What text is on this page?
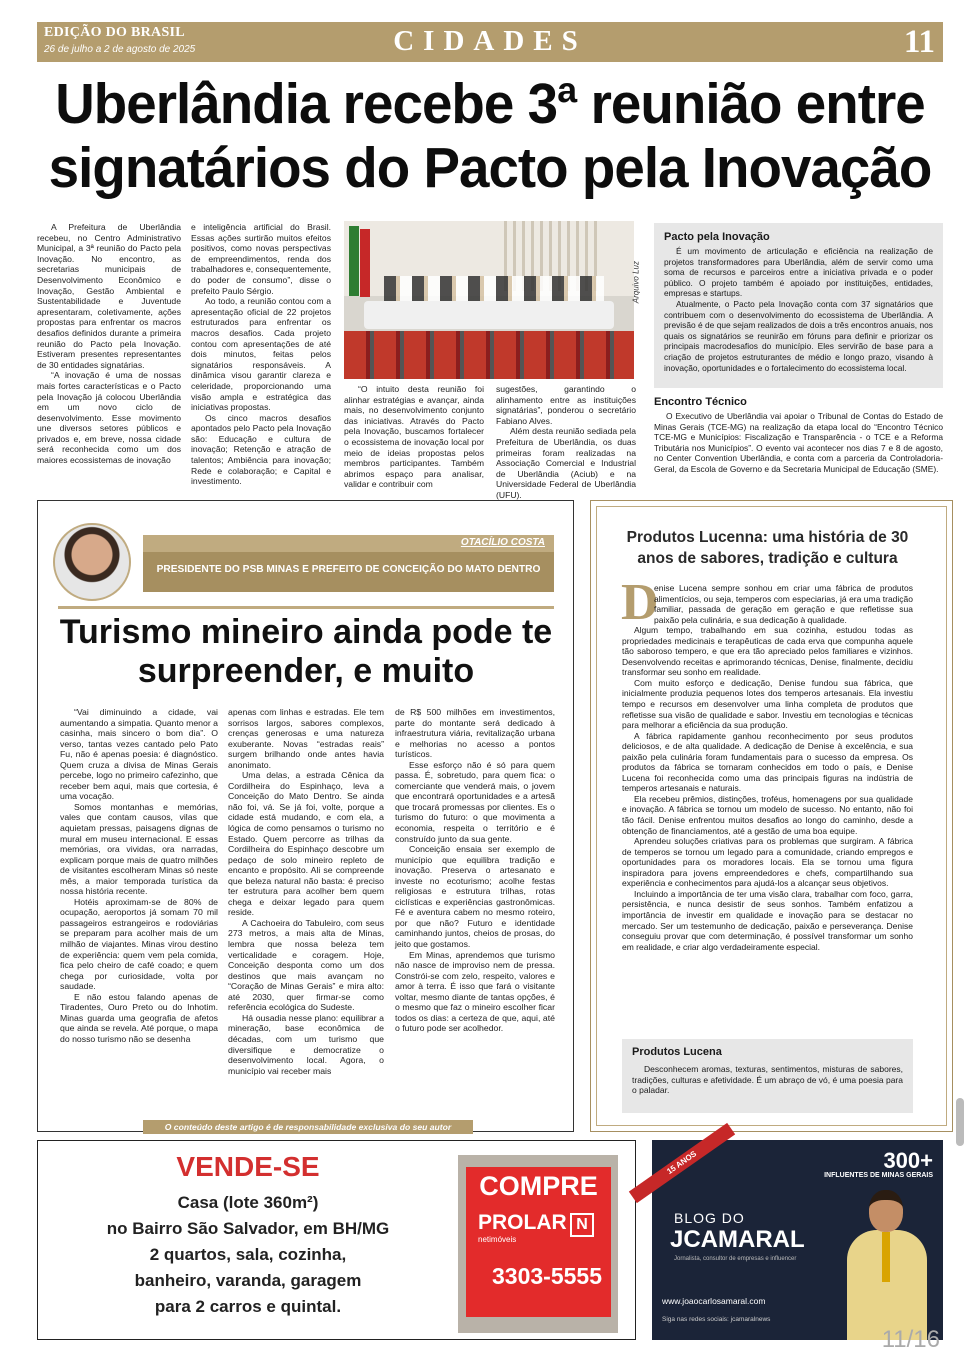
EDIÇÃO DO BRASIL
26 de julho a 2 de agosto de 2025	CIDADES	11
Uberlândia recebe 3ª reunião entre signatários do Pacto pela Inovação

A Prefeitura de Uberlândia recebeu, no Centro Administrativo Municipal, a 3ª reunião do Pacto pela Inovação. No encontro, as secretarias municipais de Desenvolvimento Econômico e Inovação, Gestão Ambiental e Sustentabilidade e Juventude apresentaram, coletivamente, ações propostas para enfrentar os macros desafios definidos durante a primeira reunião do Pacto pela Inovação. Estiveram presentes representantes de 30 entidades signatárias.

“A inovação é uma de nossas mais fortes características e o Pacto pela Inovação já colocou Uberlândia em um novo ciclo de desenvolvimento. Esse movimento une diversos setores públicos e privados e, em breve, nossa cidade será reconhecida como um dos maiores ecossistemas de inovação

e inteligência artificial do Brasil. Essas ações surtirão muitos efeitos positivos, como novas perspectivas de empreendimentos, renda dos trabalhadores e, consequentemente, do poder de consumo”, disse o prefeito Paulo Sérgio.

Ao todo, a reunião contou com a apresentação oficial de 22 projetos estruturados para enfrentar os macros desafios. Cada projeto contou com apresentações de até dois minutos, feitas pelos signatários responsáveis. A dinâmica visou garantir clareza e celeridade, proporcionando uma visão ampla e estratégica das iniciativas propostas.

Os cinco macros desafios apontados pelo Pacto pela Inovação são: Educação e cultura de inovação; Retenção e atração de talentos; Ambiência para inovação; Rede e colaboração; e Capital e investimento.

Arquivo Luz

“O intuito desta reunião foi alinhar estratégias e avançar, ainda mais, no desenvolvimento conjunto das iniciativas. Através do Pacto pela Inovação, buscamos fortalecer o ecossistema de inovação local por meio de ideias propostas pelos membros participantes. Também abrimos espaço para analisar, validar e contribuir com

sugestões, garantindo o alinhamento entre as instituições signatárias”, ponderou o secretário Fabiano Alves.

Além desta reunião sediada pela Prefeitura de Uberlândia, os duas primeiras foram realizadas na Associação Comercial e Industrial de Uberlândia (Aciub) e na Universidade Federal de Uberlândia (UFU).

Pacto pela Inovação

É um movimento de articulação e eficiência na realização de projetos transformadores para Uberlândia, além de servir como uma soma de recursos e parceiros entre a iniciativa privada e o poder público. O projeto também é apoiado por instituições, entidades, empresas e startups.

Atualmente, o Pacto pela Inovação conta com 37 signatários que contribuem com o desenvolvimento do ecossistema de Uberlândia. A previsão é de que sejam realizados de dois a três encontros anuais, nos quais os signatários se reunirão em fóruns para definir e priorizar os principais macrodesafios do município. Eles servirão de base para a criação de projetos estruturantes de médio e longo prazo, visando à inovação, oportunidades e o fortalecimento do ecossistema local.

Encontro Técnico

O Executivo de Uberlândia vai apoiar o Tribunal de Contas do Estado de Minas Gerais (TCE-MG) na realização da etapa local do “Encontro Técnico TCE-MG e Municípios: Fiscalização e Transparência - o TCE e a Reforma Tributária nos Municípios”. O evento vai acontecer nos dias 7 e 8 de agosto, no Center Convention Uberlândia, e conta com a parceria da Controladoria-Geral, da Escola de Governo e da Secretaria Municipal de Educação (SME).

OTACÍLIO COSTA
PRESIDENTE DO PSB MINAS E PREFEITO DE CONCEIÇÃO DO MATO DENTRO
Turismo mineiro ainda pode te surpreender, e muito

“Vai diminuindo a cidade, vai aumentando a simpatia. Quanto menor a casinha, mais sincero o bom dia”. O verso, tantas vezes cantado pelo Pato Fu, não é apenas poesia: é diagnóstico. Quem cruza a divisa de Minas Gerais percebe, logo no primeiro cafezinho, que receber bem aqui, mais que cortesia, é uma vocação.

Somos montanhas e memórias, vales que contam causos, vilas que aquietam pressas, paisagens dignas de mural em museu internacional. E essas memórias, ora vividas, ora narradas, explicam porque mais de quatro milhões de visitantes escolheram Minas só neste mês, a maior temporada turística da nossa história recente.

Hotéis aproximam-se de 80% de ocupação, aeroportos já somam 70 mil passageiros estrangeiros e rodoviárias se preparam para acolher mais de um milhão de viajantes. Minas virou destino de experiência: quem vem pela comida, fica pelo cheiro de café coado; e quem chega por curiosidade, volta por saudade.

E não estou falando apenas de Tiradentes, Ouro Preto ou do Inhotim. Minas guarda uma geografia de afetos que ainda se revela. Até porque, o mapa do nosso turismo não se desenha

apenas com linhas e estradas. Ele tem sorrisos largos, sabores complexos, crenças generosas e uma natureza exuberante. Novas “estradas reais” surgem brilhando onde antes havia anonimato.

Uma delas, a estrada Cênica da Cordilheira do Espinhaço, leva a Conceição do Mato Dentro. Se ainda não foi, vá. Se já foi, volte, porque a cidade está mudando, e com ela, a lógica de como pensamos o turismo no Estado. Quem percorre as trilhas da Cordilheira do Espinhaço descobre um pedaço de solo mineiro repleto de encanto e propósito. Ali se compreende que beleza natural não basta: é preciso ter estrutura para acolher bem quem chega e deixar legado para quem reside.

A Cachoeira do Tabuleiro, com seus 273 metros, a mais alta de Minas, lembra que nossa beleza tem verticalidade e coragem. Hoje, Conceição desponta como um dos destinos que mais avançam no “Coração de Minas Gerais” e mira alto: até 2030, quer firmar-se como referência ecológica do Sudeste.

Há ousadia nesse plano: equilibrar a mineração, base econômica de décadas, com um turismo que diversifique e democratize o desenvolvimento local. Agora, o município vai receber mais

de R$ 500 milhões em investimentos, parte do montante será dedicado à infraestrutura viária, revitalização urbana e melhorias no acesso a pontos turísticos.

Esse esforço não é só para quem passa. É, sobretudo, para quem fica: o comerciante que venderá mais, o jovem que encontrará oportunidades e a artesã que trocará promessas por clientes. Es o turismo do futuro: o que movimenta a economia, respeita o território e é construído junto da sua gente.

Conceição ensaia ser exemplo de município que equilibra tradição e inovação. Preserva o artesanato e investe no ecoturismo; acolhe festas religiosas e estrutura trilhas, rotas ciclísticas e experiências gastronômicas. Fé e aventura cabem no mesmo roteiro, por que não? Futuro e identidade caminhando juntos, cheios de prosas, do jeito que gostamos.

Em Minas, aprendemos que turismo não nasce de improviso nem de pressa. Constrói-se com zelo, respeito, valores e amor à terra. É isso que fará o visitante voltar, mesmo diante de tantas opções, é o mesmo que faz o mineiro escolher ficar todos os dias: a certeza de que, aqui, até o futuro pode ser acolhedor.

O conteúdo deste artigo é de responsabilidade exclusiva do seu autor
Produtos Lucenna: uma história de 30 anos de sabores, tradição e cultura
D

enise Lucena sempre sonhou em criar uma fábrica de produtos alimentícios, ou seja, temperos com especiarias, já era uma tradição familiar, passada de geração em geração e que refletisse sua paixão pela culinária, e sua dedicação à qualidade.

Algum tempo, trabalhando em sua cozinha, estudou todas as propriedades medicinais e terapêuticas de cada erva que compunha aquele tão saboroso tempero, e que era tão apreciado pelos familiares e vizinhos. Desenvolvendo receitas e aprimorando técnicas, Denise, finalmente, decidiu transformar seu sonho em realidade.

Com muito esforço e dedicação, Denise fundou sua fábrica, que inicialmente produzia pequenos lotes dos temperos artesanais. Ela investiu tempo e recursos em desenvolver uma linha completa de produtos que refletisse sua visão de qualidade e sabor. Investiu em tecnologias e técnicas para melhorar a eficiência da sua produção.

A fábrica rapidamente ganhou reconhecimento por seus produtos deliciosos, e de alta qualidade. A dedicação de Denise à excelência, e sua paixão pela culinária foram fundamentais para o sucesso da empresa. Os produtos da fábrica se tornaram conhecidos em todo o país, e Denise Lucena foi reconhecida como uma das principais figuras na indústria de temperos artesanais e naturais.

Ela recebeu prêmios, distinções, troféus, homenagens por sua qualidade e inovação. A fábrica se tornou um modelo de sucesso. No entanto, não foi tão fácil. Denise enfrentou muitos desafios ao longo do caminho, desde a obtenção de financiamentos, até a gestão de uma boa equipe.

Aprendeu soluções criativas para os problemas que surgiram. A fábrica de temperos se tornou um legado para a comunidade, criando empregos e oportunidades para os moradores locais. Ela se tornou uma figura inspiradora para jovens empreendedores e chefs, compartilhando sua experiência e conhecimentos para ajudá-los a alcançar seus objetivos.

Incluindo a importância de ter uma visão clara, trabalhar com foco, garra, persistência, e nunca desistir de seus sonhos. Também enfatizou a importância de investir em qualidade e inovação para se destacar no mercado. Ser um testemunho de dedicação, paixão e perseverança. Denise conseguiu provar que com determinação, é possível transformar um sonho em realidade, e criar algo verdadeiramente especial.

Produtos Lucena

Desconhecem aromas, texturas, sentimentos, misturas de sabores, tradições, culturas e afetividade. É um abraço de vó, é uma poesia para o paladar.

VENDE-SE
Casa (lote 360m²)
no Bairro São Salvador, em BH/MG
2 quartos, sala, cozinha,
banheiro, varanda, garagem
para 2 carros e quintal.
COMPRE
PROLAR N
netimóveis
3303-5555
15 ANOS	300+
INFLUENTES DE MINAS GERAIS
BLOG DO
JCAMARAL
Jornalista, consultor de empresas e influencer
www.joaocarlosamaral.com
Siga nas redes sociais: jcamaralnews
11/16
